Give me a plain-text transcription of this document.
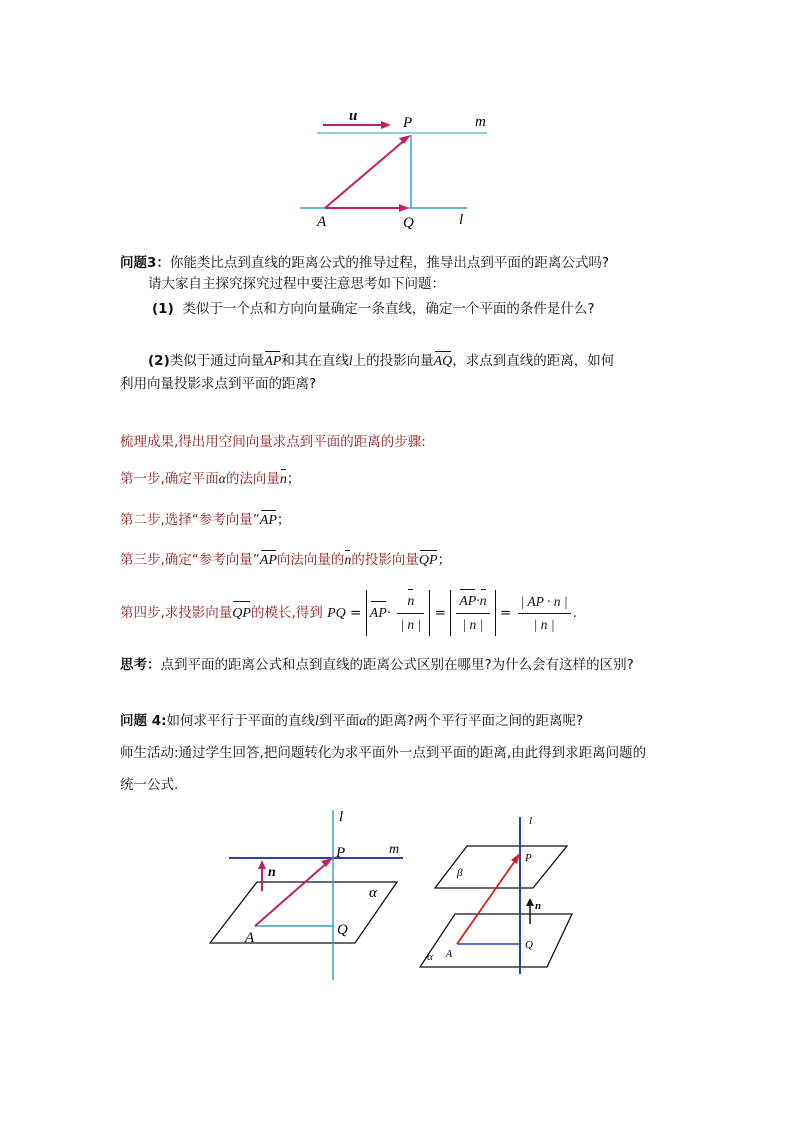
u	P	m
A	Q	l
问题3：你能类比点到直线的距离公式的推导过程，推导出点到平面的距离公式吗?
请大家自主探究探究过程中要注意思考如下问题：
(1) 类似于一个点和方向向量确定一条直线，确定一个平面的条件是什么?
(2)类似于通过向量AP和其在直线l上的投影向量AQ，求点到直线的距离，如何
利用向量投影求点到平面的距离?
梳理成果,得出用空间向量求点到平面的距离的步骤:
第一步,确定平面α的法向量n；
第二步,选择“参考向量”AP；
第三步,确定“参考向量”AP向法向量的n的投影向量QP；
第四步,求投影向量QP的模长,得到 PQ = $AP\cdot \frac{n}{| n |} = \frac{AP\cdot n}{| n |} = \frac{| AP \cdot n |}{| n |}$ .
思考：点到平面的距离公式和点到直线的距离公式区别在哪里?为什么会有这样的区别?
问题 4:如何求平行于平面的直线l到平面α的距离?两个平行平面之间的距离呢?
师生活动:通过学生回答,把问题转化为求平面外一点到平面的距离,由此得到求距离问题的
统一公式.
l
P	m
n
α
A	Q
l
P
β
n
Q
A
α
